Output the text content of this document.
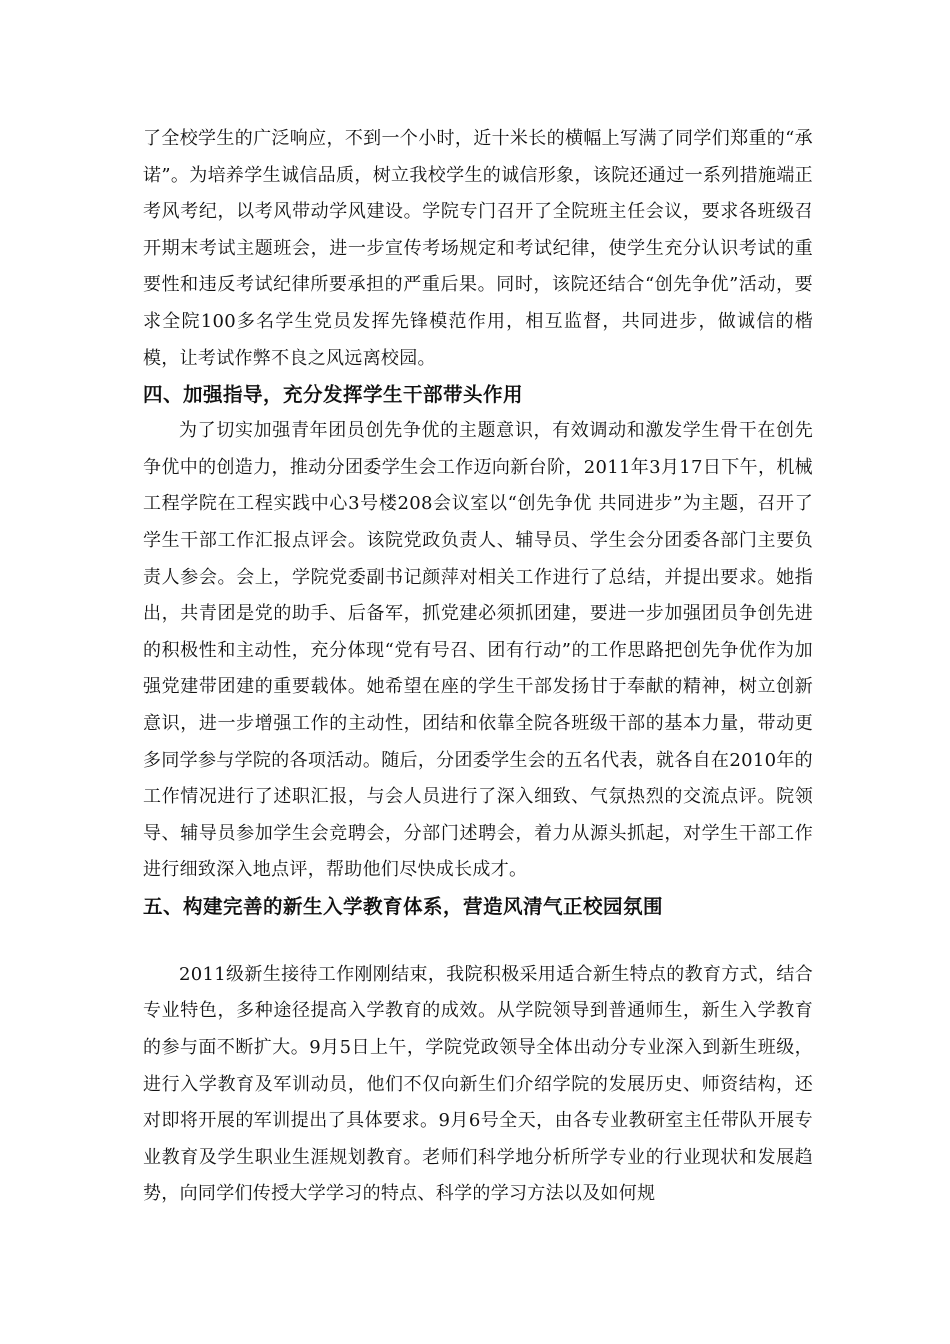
了全校学生的广泛响应，不到一个小时，近十米长的横幅上写满了同学们郑重的“承诺”。为培养学生诚信品质，树立我校学生的诚信形象，该院还通过一系列措施端正考风考纪，以考风带动学风建设。学院专门召开了全院班主任会议，要求各班级召开期末考试主题班会，进一步宣传考场规定和考试纪律，使学生充分认识考试的重要性和违反考试纪律所要承担的严重后果。同时，该院还结合“创先争优”活动，要求全院100多名学生党员发挥先锋模范作用，相互监督，共同进步，做诚信的楷模，让考试作弊不良之风远离校园。

四、加强指导，充分发挥学生干部带头作用

为了切实加强青年团员创先争优的主题意识，有效调动和激发学生骨干在创先争优中的创造力，推动分团委学生会工作迈向新台阶，2011年3月17日下午，机械工程学院在工程实践中心3号楼208会议室以“创先争优 共同进步”为主题，召开了学生干部工作汇报点评会。该院党政负责人、辅导员、学生会分团委各部门主要负责人参会。会上，学院党委副书记颜萍对相关工作进行了总结，并提出要求。她指出，共青团是党的助手、后备军，抓党建必须抓团建，要进一步加强团员争创先进的积极性和主动性，充分体现“党有号召、团有行动”的工作思路把创先争优作为加强党建带团建的重要载体。她希望在座的学生干部发扬甘于奉献的精神，树立创新意识，进一步增强工作的主动性，团结和依靠全院各班级干部的基本力量，带动更多同学参与学院的各项活动。随后，分团委学生会的五名代表，就各自在2010年的工作情况进行了述职汇报，与会人员进行了深入细致、气氛热烈的交流点评。院领导、辅导员参加学生会竞聘会，分部门述聘会，着力从源头抓起，对学生干部工作进行细致深入地点评，帮助他们尽快成长成才。

五、构建完善的新生入学教育体系，营造风清气正校园氛围

2011级新生接待工作刚刚结束，我院积极采用适合新生特点的教育方式，结合专业特色，多种途径提高入学教育的成效。从学院领导到普通师生，新生入学教育的参与面不断扩大。9月5日上午，学院党政领导全体出动分专业深入到新生班级，进行入学教育及军训动员，他们不仅向新生们介绍学院的发展历史、师资结构，还对即将开展的军训提出了具体要求。9月6号全天，由各专业教研室主任带队开展专业教育及学生职业生涯规划教育。老师们科学地分析所学专业的行业现状和发展趋势，向同学们传授大学学习的特点、科学的学习方法以及如何规
